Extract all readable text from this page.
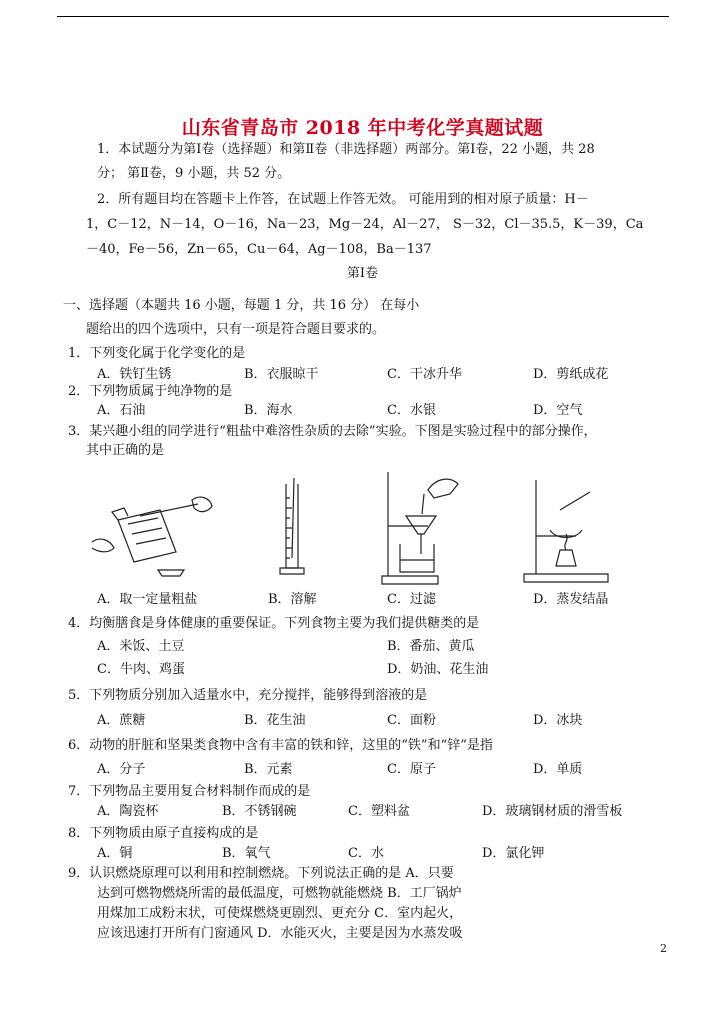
山东省青岛市 2018 年中考化学真题试题
1．本试题分为第Ⅰ卷（选择题）和第Ⅱ卷（非选择题）两部分。第Ⅰ卷，22 小题，共 28
分； 第Ⅱ卷，9 小题，共 52 分。
2．所有题目均在答题卡上作答，在试题上作答无效。 可能用到的相对原子质量：H－
1，C－12，N－14，O－16，Na－23，Mg－24，Al－27， S－32，Cl－35.5，K－39，Ca
－40，Fe－56，Zn－65，Cu－64，Ag－108，Ba－137
第Ⅰ卷
一、选择题（本题共 16 小题，每题 1 分，共 16 分） 在每小
题给出的四个选项中，只有一项是符合题目要求的。
1．下列变化属于化学变化的是
A．铁钉生锈	B．衣服晾干	C．干冰升华	D．剪纸成花
2．下列物质属于纯净物的是
A．石油	B．海水	C．水银	D．空气
3．某兴趣小组的同学进行“粗盐中难溶性杂质的去除”实验。下图是实验过程中的部分操作，
其中正确的是
A．取一定量粗盐	B．溶解	C．过滤	D．蒸发结晶
4．均衡膳食是身体健康的重要保证。下列食物主要为我们提供糖类的是
A．米饭、土豆	B．番茄、黄瓜
C．牛肉、鸡蛋	D．奶油、花生油
5．下列物质分别加入适量水中，充分搅拌，能够得到溶液的是
A．蔗糖	B．花生油	C．面粉	D．冰块
6．动物的肝脏和坚果类食物中含有丰富的铁和锌，这里的“铁”和“锌”是指
A．分子	B．元素	C．原子	D．单质
7．下列物品主要用复合材料制作而成的是
A．陶瓷杯	B．不锈钢碗	C．塑料盆	D．玻璃钢材质的滑雪板
8．下列物质由原子直接构成的是
A．铜	B．氧气	C．水	D．氯化钾
9．认识燃烧原理可以利用和控制燃烧。下列说法正确的是 A．只要
达到可燃物燃烧所需的最低温度，可燃物就能燃烧 B．工厂锅炉
用煤加工成粉末状，可使煤燃烧更剧烈、更充分 C．室内起火，
应该迅速打开所有门窗通风 D．水能灭火，主要是因为水蒸发吸
2
